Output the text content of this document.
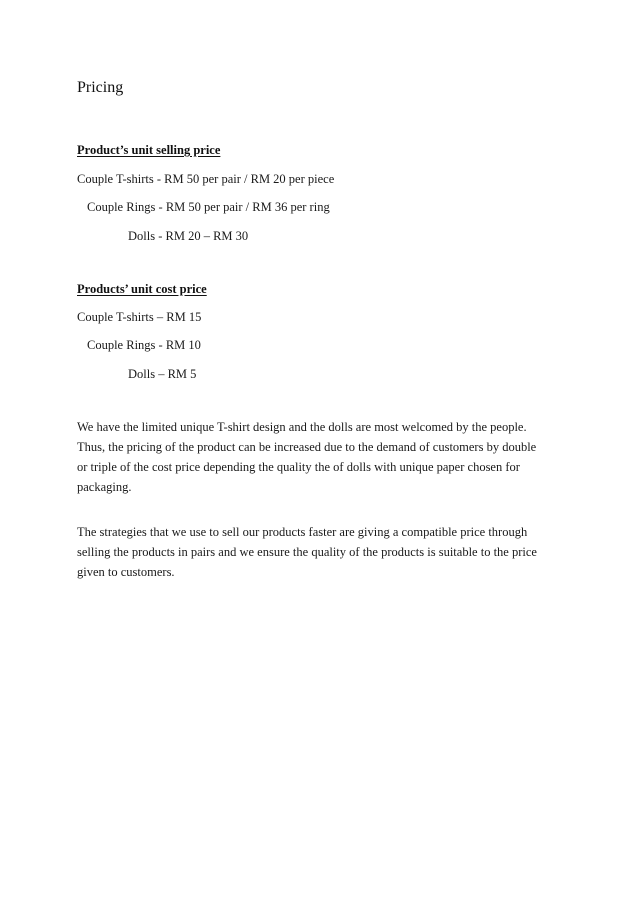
Pricing
Product’s unit selling price
Couple T-shirts - RM 50 per pair / RM 20 per piece
Couple Rings - RM 50 per pair / RM 36 per ring
Dolls - RM 20 – RM 30
Products’ unit cost price
Couple T-shirts – RM 15
Couple Rings - RM 10
Dolls – RM 5
We have the limited unique T-shirt design and the dolls are most welcomed by the people.
Thus, the pricing of the product can be increased due to the demand of customers by double
or triple of the cost price depending the quality the of dolls with unique paper chosen for
packaging.
The strategies that we use to sell our products faster are giving a compatible price through
selling the products in pairs and we ensure the quality of the products is suitable to the price
given to customers.
